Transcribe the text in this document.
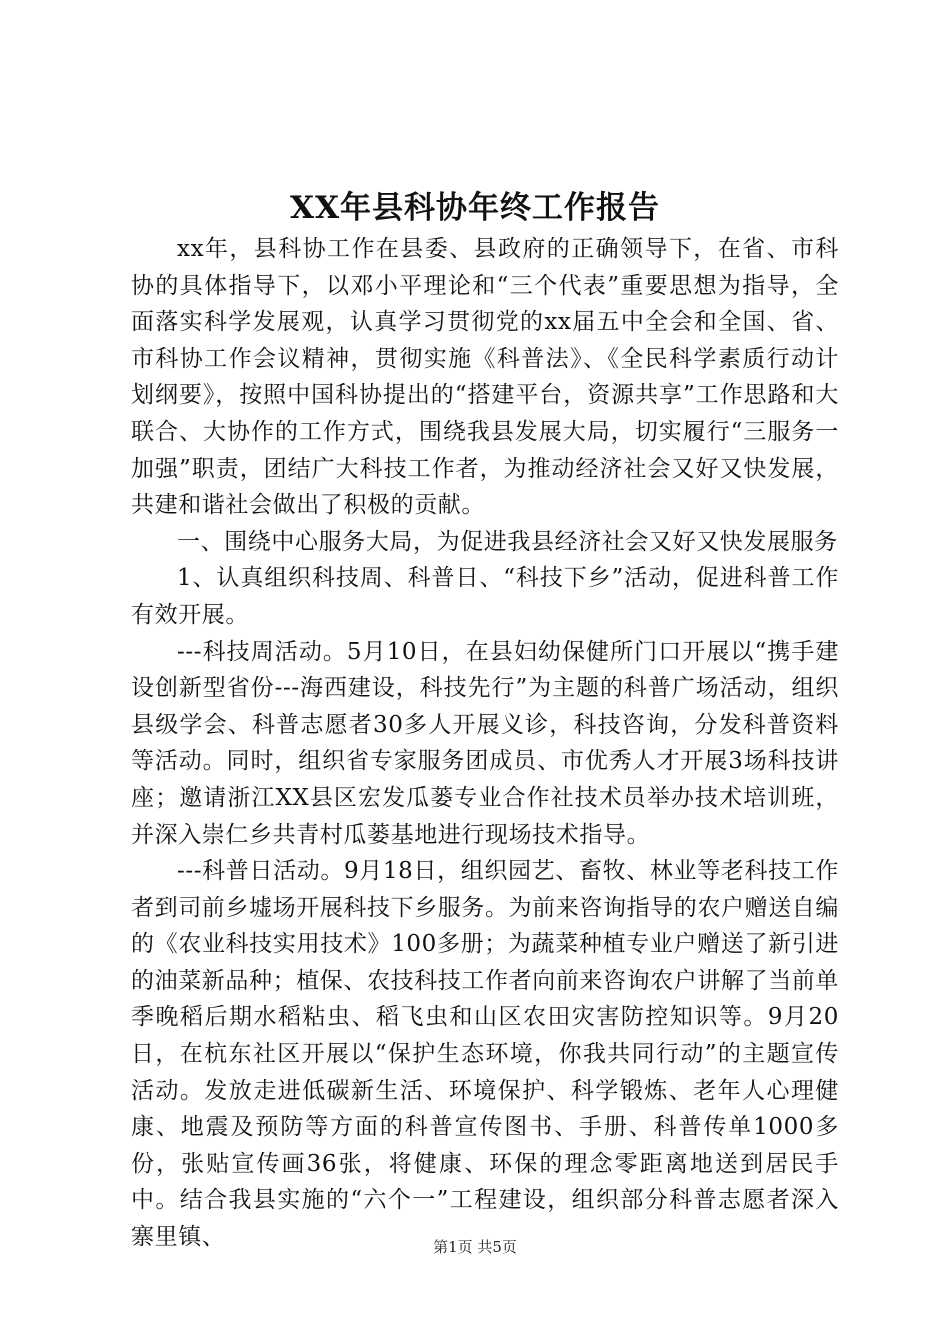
XX年县科协年终工作报告

xx年，县科协工作在县委、县政府的正确领导下，在省、市科协的具体指导下，以邓小平理论和“三个代表”重要思想为指导，全面落实科学发展观，认真学习贯彻党的xx届五中全会和全国、省、市科协工作会议精神，贯彻实施《科普法》、《全民科学素质行动计划纲要》，按照中国科协提出的“搭建平台，资源共享”工作思路和大联合、大协作的工作方式，围绕我县发展大局，切实履行“三服务一加强”职责，团结广大科技工作者，为推动经济社会又好又快发展，共建和谐社会做出了积极的贡献。

一、围绕中心服务大局，为促进我县经济社会又好又快发展服务

1、认真组织科技周、科普日、“科技下乡”活动，促进科普工作有效开展。

---科技周活动。5月10日，在县妇幼保健所门口开展以“携手建设创新型省份---海西建设，科技先行”为主题的科普广场活动，组织县级学会、科普志愿者30多人开展义诊，科技咨询，分发科普资料等活动。同时，组织省专家服务团成员、市优秀人才开展3场科技讲座；邀请浙江XX县区宏发瓜蒌专业合作社技术员举办技术培训班，并深入崇仁乡共青村瓜蒌基地进行现场技术指导。

---科普日活动。9月18日，组织园艺、畜牧、林业等老科技工作者到司前乡墟场开展科技下乡服务。为前来咨询指导的农户赠送自编的《农业科技实用技术》100多册；为蔬菜种植专业户赠送了新引进的油菜新品种；植保、农技科技工作者向前来咨询农户讲解了当前单季晚稻后期水稻粘虫、稻飞虫和山区农田灾害防控知识等。9月20日，在杭东社区开展以“保护生态环境，你我共同行动”的主题宣传活动。发放走进低碳新生活、环境保护、科学锻炼、老年人心理健康、地震及预防等方面的科普宣传图书、手册、科普传单1000多份，张贴宣传画36张，将健康、环保的理念零距离地送到居民手中。结合我县实施的“六个一”工程建设，组织部分科普志愿者深入寨里镇、	第1页 共5页
